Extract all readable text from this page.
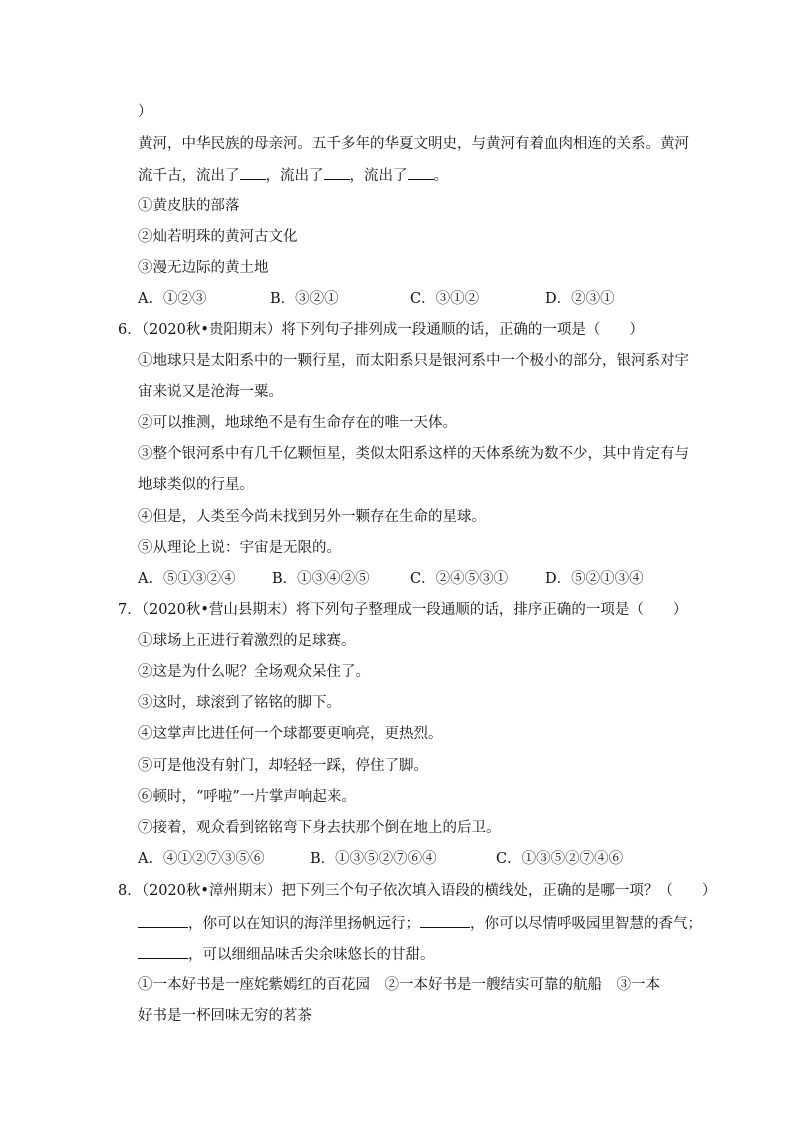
）
黄河，中华民族的母亲河。五千多年的华夏文明史，与黄河有着血肉相连的关系。黄河
流千古，流出了 ，流出了 ，流出了 。
①黄皮肤的部落
②灿若明珠的黄河古文化
③漫无边际的黄土地
A．①②③	B．③②①	C．③①②	D．②③①
6．（2020秋•贵阳期末）将下列句子排列成一段通顺的话，正确的一项是（　　）
①地球只是太阳系中的一颗行星，而太阳系只是银河系中一个极小的部分，银河系对宇
宙来说又是沧海一粟。
②可以推测，地球绝不是有生命存在的唯一天体。
③整个银河系中有几千亿颗恒星，类似太阳系这样的天体系统为数不少，其中肯定有与
地球类似的行星。
④但是，人类至今尚未找到另外一颗存在生命的星球。
⑤从理论上说：宇宙是无限的。
A．⑤①③②④	B．①③④②⑤	C．②④⑤③①	D．⑤②①③④
7．（2020秋•营山县期末）将下列句子整理成一段通顺的话，排序正确的一项是（　　）
①球场上正进行着激烈的足球赛。
②这是为什么呢？全场观众呆住了。
③这时，球滚到了铭铭的脚下。
④这掌声比进任何一个球都要更响亮，更热烈。
⑤可是他没有射门，却轻轻一踩，停住了脚。
⑥顿时，“呼啦”一片掌声响起来。
⑦接着，观众看到铭铭弯下身去扶那个倒在地上的后卫。
A．④①②⑦③⑤⑥	B．①③⑤②⑦⑥④	C．①③⑤②⑦④⑥
8．（2020秋•漳州期末）把下列三个句子依次填入语段的横线处，正确的是哪一项？（　　）
，你可以在知识的海洋里扬帆远行；	，你可以尽情呼吸园里智慧的香气；
，可以细细品味舌尖余味悠长的甘甜。
①一本好书是一座姹紫嫣红的百花园　②一本好书是一艘结实可靠的航船　③一本
好书是一杯回味无穷的茗茶
